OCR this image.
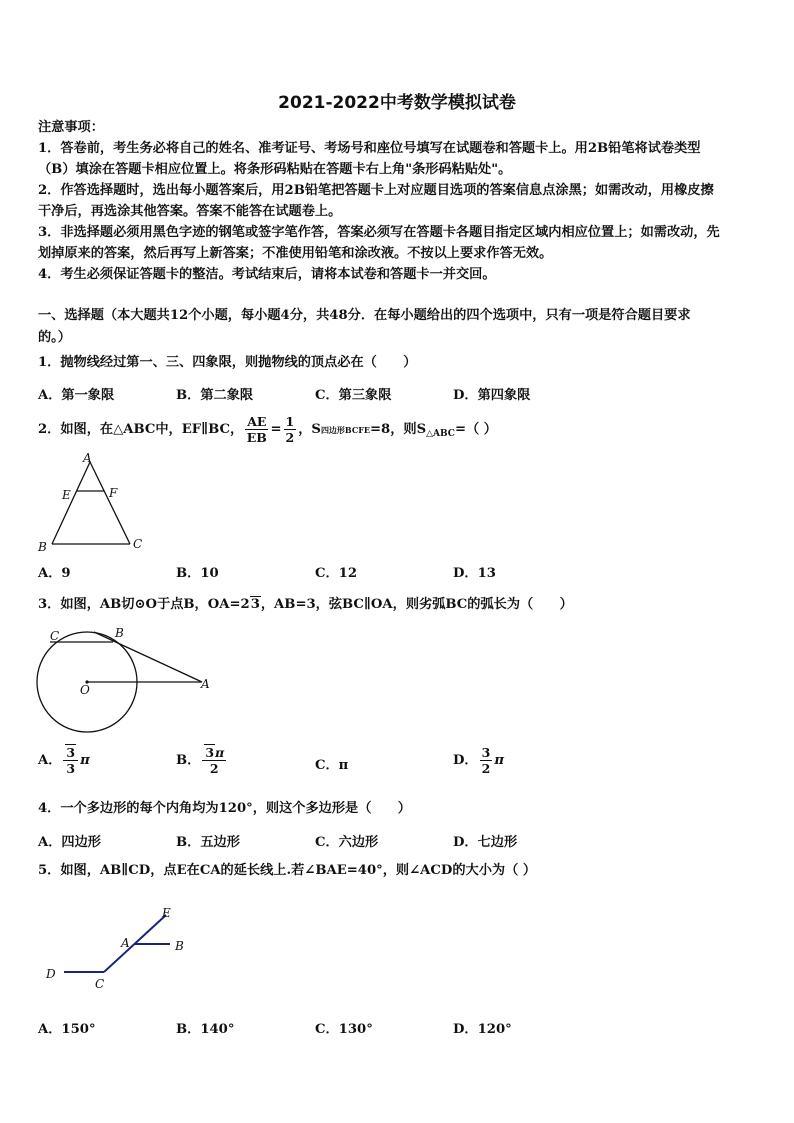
2021-2022中考数学模拟试卷
注意事项：
1．答卷前，考生务必将自己的姓名、准考证号、考场号和座位号填写在试题卷和答题卡上。用2B铅笔将试卷类型
（B）填涂在答题卡相应位置上。将条形码粘贴在答题卡右上角"条形码粘贴处"。
2．作答选择题时，选出每小题答案后，用2B铅笔把答题卡上对应题目选项的答案信息点涂黑；如需改动，用橡皮擦
干净后，再选涂其他答案。答案不能答在试题卷上。
3．非选择题必须用黑色字迹的钢笔或签字笔作答，答案必须写在答题卡各题目指定区域内相应位置上；如需改动，先
划掉原来的答案，然后再写上新答案；不准使用铅笔和涂改液。不按以上要求作答无效。
4．考生必须保证答题卡的整洁。考试结束后，请将本试卷和答题卡一并交回。
一、选择题（本大题共12个小题，每小题4分，共48分．在每小题给出的四个选项中，只有一项是符合题目要求
的。）
1．抛物线经过第一、三、四象限，则抛物线的顶点必在（　　）
A．第一象限	B．第二象限	C．第三象限	D．第四象限
2．如图，在△ABC中，EF∥BC， $\frac{AE}{EB} = \frac{1}{2}$ ，S四边形BCFE=8，则$S_{\triangle ABC}=$（ ）
A
E	F
B	C
A．9	B．10	C．12	D．13
3．如图，AB切⊙O于点B，OA=23，AB=3，弦BC∥OA，则劣弧BC的弧长为（　　）
C	B
O	A
A． $\frac{3}{3}$ π	B． $\frac{3\pi}{2}$	C．π	D． $\frac{3}{2}$ π
4．一个多边形的每个内角均为120°，则这个多边形是（　　）
A．四边形	B．五边形	C．六边形	D．七边形
5．如图，AB∥CD，点E在CA的延长线上.若∠BAE=40°，则∠ACD的大小为（ ）
E
A	B
D
C
A．150°	B．140°	C．130°	D．120°
